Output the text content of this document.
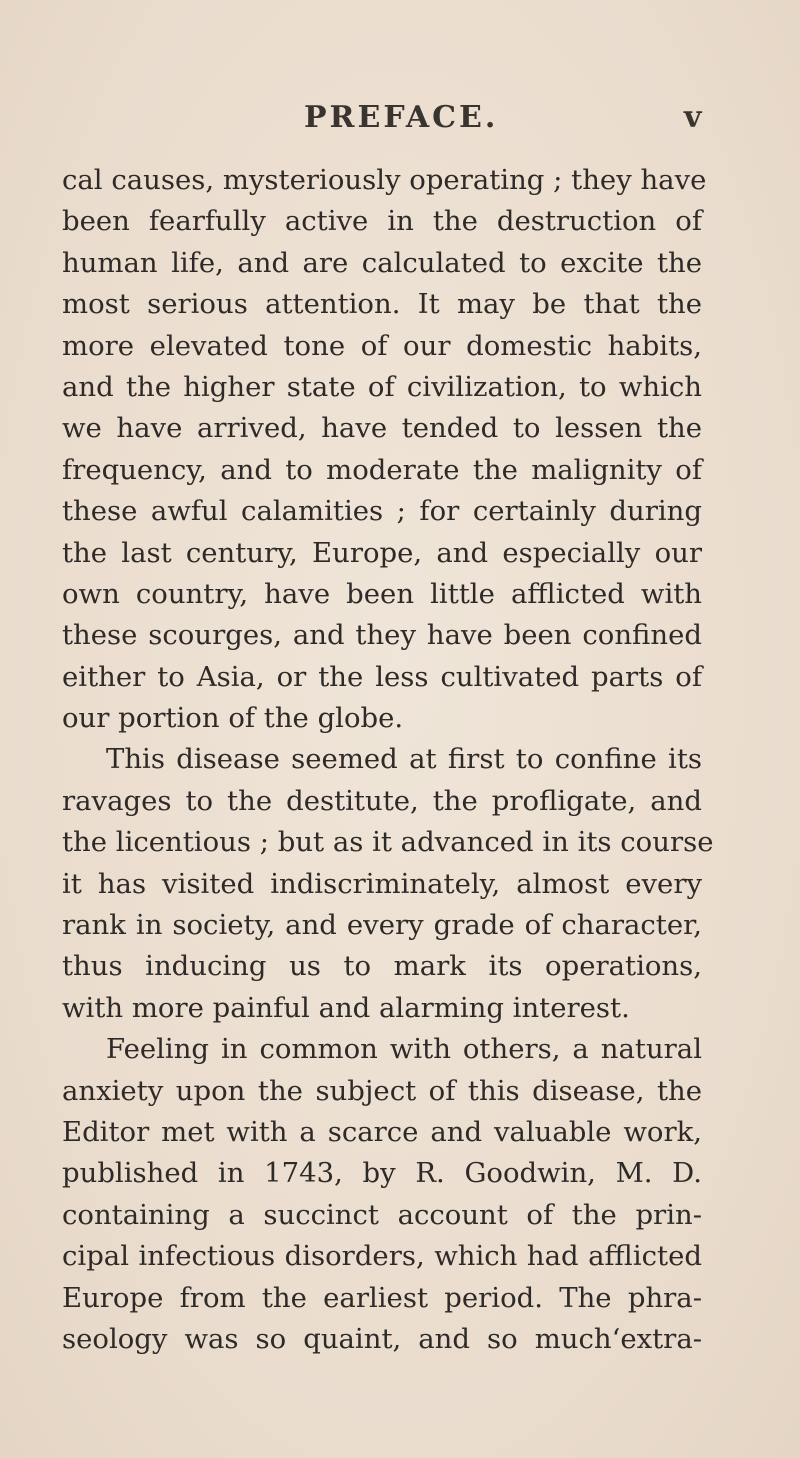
PREFACE.	v
cal causes, mysteriously operating ; they have
been fearfully active in the destruction of
human life, and are calculated to excite the
most serious attention. It may be that the
more elevated tone of our domestic habits,
and the higher state of civilization, to which
we have arrived, have tended to lessen the
frequency, and to moderate the malignity of
these awful calamities ; for certainly during
the last century, Europe, and especially our
own country, have been little afflicted with
these scourges, and they have been confined
either to Asia, or the less cultivated parts of
our portion of the globe.
This disease seemed at first to confine its
ravages to the destitute, the profligate, and
the licentious ; but as it advanced in its course
it has visited indiscriminately, almost every
rank in society, and every grade of character,
thus inducing us to mark its operations,
with more painful and alarming interest.
Feeling in common with others, a natural
anxiety upon the subject of this disease, the
Editor met with a scarce and valuable work,
published in 1743, by R. Goodwin, M. D.
containing a succinct account of the prin-
cipal infectious disorders, which had afflicted
Europe from the earliest period. The phra-
seology was so quaint, and so much‘extra-
